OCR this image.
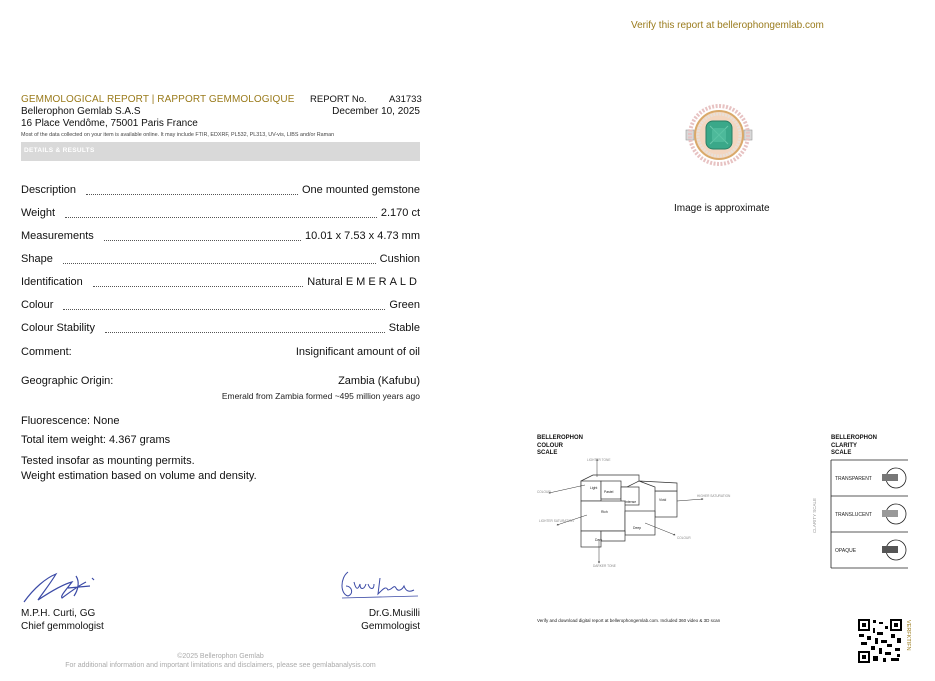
Verify this report at bellerophongemlab.com
GEMMOLOGICAL REPORT | RAPPORT GEMMOLOGIQUE REPORT No. A31733
Bellerophon Gemlab S.A.S	December 10, 2025
16 Place Vendôme, 75001 Paris France
Most of the data collected on your item is available online. It may include FTIR, EDXRF, PL532, PL313, UV-vis, LIBS and/or Raman
DETAILS & RESULTS
Description	One mounted gemstone
Weight	2.170 ct
Measurements	10.01 x 7.53 x 4.73 mm
Shape	Cushion
Identification	Natural EMERALD
Colour	Green
Colour Stability	Stable
Comment:	Insignificant amount of oil
Geographic Origin:	Zambia (Kafubu)
Emerald from Zambia formed ~495 million years ago
Fluorescence: None
Total item weight: 4.367 grams
Tested insofar as mounting permits.
Weight estimation based on volume and density.
M.P.H. Curti, GG
Chief gemmologist
Dr.G.Musilli
Gemmologist
©2025 Bellerophon Gemlab
For additional information and important limitations and disclaimers, please see gemlabanalysis.com
Image is approximate
BELLEROPHON
COLOUR
SCALE
LIGHTER TONE
COLOUR
LIGHTER SATURATION
HIGHER SATURATION
COLOUR
DARKER TONE
Light
Pastel
Intense	Vivid
Rich
Deep
Dark
BELLEROPHON
CLARITY
SCALE
CLARITY SCALE
TRANSPARENT
TRANSLUCENT
OPAQUE
Verify and download digital report at bellerophongemlab.com. Included 360 video & 3D scan	VERFKTIFN
